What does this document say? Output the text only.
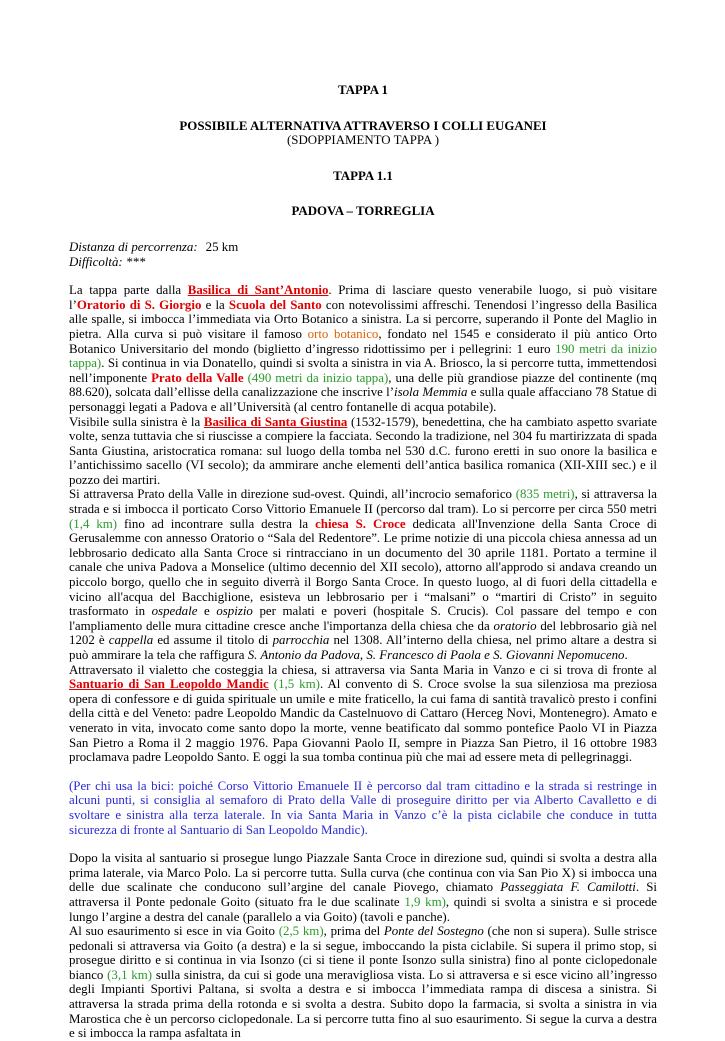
TAPPA 1

POSSIBILE ALTERNATIVA ATTRAVERSO I COLLI EUGANEI

(SDOPPIAMENTO TAPPA )

TAPPA 1.1

PADOVA – TORREGLIA

Distanza di percorrenza: 25 km
Difficoltà: ***

La tappa parte dalla Basilica di Sant’Antonio. Prima di lasciare questo venerabile luogo, si può visitare l’Oratorio di S. Giorgio e la Scuola del Santo con notevolissimi affreschi. Tenendosi l’ingresso della Basilica alle spalle, si imbocca l’immediata via Orto Botanico a sinistra. La si percorre, superando il Ponte del Maglio in pietra. Alla curva si può visitare il famoso orto botanico, fondato nel 1545 e considerato il più antico Orto Botanico Universitario del mondo (biglietto d’ingresso ridottissimo per i pellegrini: 1 euro 190 metri da inizio tappa). Si continua in via Donatello, quindi si svolta a sinistra in via A. Briosco, la si percorre tutta, immettendosi nell’imponente Prato della Valle (490 metri da inizio tappa), una delle più grandiose piazze del continente (mq 88.620), solcata dall’ellisse della canalizzazione che inscrive l’isola Memmia e sulla quale affacciano 78 Statue di personaggi legati a Padova e all’Università (al centro fontanelle di acqua potabile).

Visibile sulla sinistra è la Basilica di Santa Giustina (1532-1579), benedettina, che ha cambiato aspetto svariate volte, senza tuttavia che si riuscisse a compiere la facciata. Secondo la tradizione, nel 304 fu martirizzata di spada Santa Giustina, aristocratica romana: sul luogo della tomba nel 530 d.C. furono eretti in suo onore la basilica e l’antichissimo sacello (VI secolo); da ammirare anche elementi dell’antica basilica romanica (XII-XIII sec.) e il pozzo dei martiri.

Si attraversa Prato della Valle in direzione sud-ovest. Quindi, all’incrocio semaforico (835 metri), si attraversa la strada e si imbocca il porticato Corso Vittorio Emanuele II (percorso dal tram). Lo si percorre per circa 550 metri (1,4 km) fino ad incontrare sulla destra la chiesa S. Croce dedicata all'Invenzione della Santa Croce di Gerusalemme con annesso Oratorio o “Sala del Redentore”. Le prime notizie di una piccola chiesa annessa ad un lebbrosario dedicato alla Santa Croce si rintracciano in un documento del 30 aprile 1181. Portato a termine il canale che univa Padova a Monselice (ultimo decennio del XII secolo), attorno all'approdo si andava creando un piccolo borgo, quello che in seguito diverrà il Borgo Santa Croce. In questo luogo, al di fuori della cittadella e vicino all'acqua del Bacchiglione, esisteva un lebbrosario per i “malsani” o “martiri di Cristo” in seguito trasformato in ospedale e ospizio per malati e poveri (hospitale S. Crucis). Col passare del tempo e con l'ampliamento delle mura cittadine cresce anche l'importanza della chiesa che da oratorio del lebbrosario già nel 1202 è cappella ed assume il titolo di parrocchia nel 1308. All’interno della chiesa, nel primo altare a destra si può ammirare la tela che raffigura S. Antonio da Padova, S. Francesco di Paola e S. Giovanni Nepomuceno.

Attraversato il vialetto che costeggia la chiesa, si attraversa via Santa Maria in Vanzo e ci si trova di fronte al Santuario di San Leopoldo Mandic (1,5 km). Al convento di S. Croce svolse la sua silenziosa ma preziosa opera di confessore e di guida spirituale un umile e mite fraticello, la cui fama di santità travalicò presto i confini della città e del Veneto: padre Leopoldo Mandic da Castelnuovo di Cattaro (Herceg Novi, Montenegro). Amato e venerato in vita, invocato come santo dopo la morte, venne beatificato dal sommo pontefice Paolo VI in Piazza San Pietro a Roma il 2 maggio 1976. Papa Giovanni Paolo II, sempre in Piazza San Pietro, il 16 ottobre 1983 proclamava padre Leopoldo Santo. E oggi la sua tomba continua più che mai ad essere meta di pellegrinaggi.

(Per chi usa la bici: poiché Corso Vittorio Emanuele II è percorso dal tram cittadino e la strada si restringe in alcuni punti, si consiglia al semaforo di Prato della Valle di proseguire diritto per via Alberto Cavalletto e di svoltare e sinistra alla terza laterale. In via Santa Maria in Vanzo c’è la pista ciclabile che conduce in tutta sicurezza di fronte al Santuario di San Leopoldo Mandic).

Dopo la visita al santuario si prosegue lungo Piazzale Santa Croce in direzione sud, quindi si svolta a destra alla prima laterale, via Marco Polo. La si percorre tutta. Sulla curva (che continua con via San Pio X) si imbocca una delle due scalinate che conducono sull’argine del canale Piovego, chiamato Passeggiata F. Camilotti. Si attraversa il Ponte pedonale Goito (situato fra le due scalinate 1,9 km), quindi si svolta a sinistra e si procede lungo l’argine a destra del canale (parallelo a via Goito) (tavoli e panche).

Al suo esaurimento si esce in via Goito (2,5 km), prima del Ponte del Sostegno (che non si supera). Sulle strisce pedonali si attraversa via Goito (a destra) e la si segue, imboccando la pista ciclabile. Si supera il primo stop, si prosegue diritto e si continua in via Isonzo (ci si tiene il ponte Isonzo sulla sinistra) fino al ponte ciclopedonale bianco (3,1 km) sulla sinistra, da cui si gode una meravigliosa vista. Lo si attraversa e si esce vicino all’ingresso degli Impianti Sportivi Paltana, si svolta a destra e si imbocca l’immediata rampa di discesa a sinistra. Si attraversa la strada prima della rotonda e si svolta a destra. Subito dopo la farmacia, si svolta a sinistra in via Marostica che è un percorso ciclopedonale. La si percorre tutta fino al suo esaurimento. Si segue la curva a destra e si imbocca la rampa asfaltata in
